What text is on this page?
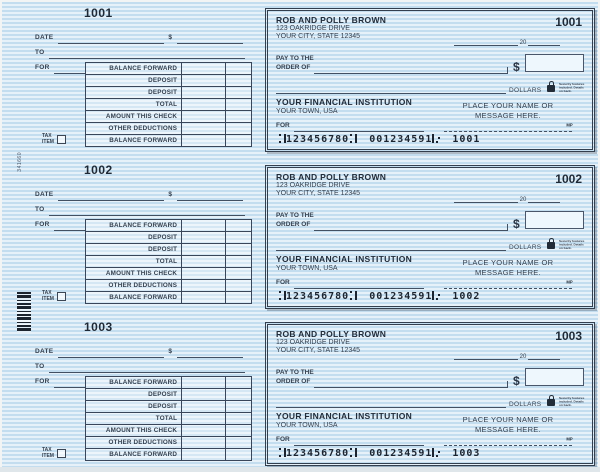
1001
DATE	$
TO
FOR	BALANCE FORWARD		
DEPOSIT		
DEPOSIT		
TOTAL		
AMOUNT THIS CHECK		
OTHER DEDUCTIONS		
BALANCE FORWARD		
TAX
ITEM
ROB AND POLLY BROWN
123 OAKRIDGE DRIVE
YOUR CITY, STATE 12345
1001
20
PAY TO THE
ORDER OF	$
DOLLARS
Security features included. Details on back.
YOUR FINANCIAL INSTITUTION
YOUR TOWN, USA
PLACE YOUR NAME OR
MESSAGE HERE.
FOR	MP
123456780 001234591 1001
1002
DATE	$
TO
FOR	BALANCE FORWARD		
DEPOSIT		
DEPOSIT		
TOTAL		
AMOUNT THIS CHECK		
OTHER DEDUCTIONS		
BALANCE FORWARD		
TAX
ITEM
ROB AND POLLY BROWN
123 OAKRIDGE DRIVE
YOUR CITY, STATE 12345
1002
20
PAY TO THE
ORDER OF	$
DOLLARS
Security features included. Details on back.
YOUR FINANCIAL INSTITUTION
YOUR TOWN, USA
PLACE YOUR NAME OR
MESSAGE HERE.
FOR	MP
123456780 001234591 1002
1003
DATE	$
TO
FOR	BALANCE FORWARD		
DEPOSIT		
DEPOSIT		
TOTAL		
AMOUNT THIS CHECK		
OTHER DEDUCTIONS		
BALANCE FORWARD		
TAX
ITEM
ROB AND POLLY BROWN
123 OAKRIDGE DRIVE
YOUR CITY, STATE 12345
1003
20
PAY TO THE
ORDER OF	$
DOLLARS
Security features included. Details on back.
YOUR FINANCIAL INSTITUTION
YOUR TOWN, USA
PLACE YOUR NAME OR
MESSAGE HERE.
FOR	MP
123456780 001234591 1003
341660
